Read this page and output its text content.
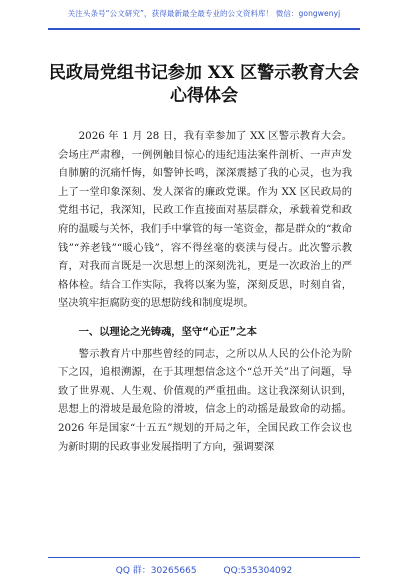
关注头条号“公文研究”，获得最新最全最专业的公文资料库！ 微信：gongwenyj
民政局党组书记参加 XX 区警示教育大会
心得体会

2026 年 1 月 28 日，我有幸参加了 XX 区警示教育大会。会场庄严肃穆，一例例触目惊心的违纪违法案件剖析、一声声发自肺腑的沉痛忏悔，如警钟长鸣，深深震撼了我的心灵，也为我上了一堂印象深刻、发人深省的廉政党课。作为 XX 区民政局的党组书记，我深知，民政工作直接面对基层群众，承载着党和政府的温暖与关怀，我们手中掌管的每一笔资金，都是群众的“救命钱”“养老钱”“暖心钱”，容不得丝毫的亵渎与侵占。此次警示教育，对我而言既是一次思想上的深刻洗礼，更是一次政治上的严格体检。结合工作实际，我将以案为鉴，深刻反思，时刻自省，坚决筑牢拒腐防变的思想防线和制度堤坝。

一、以理论之光铸魂，坚守“心正”之本

警示教育片中那些曾经的同志，之所以从人民的公仆沦为阶下之囚，追根溯源，在于其理想信念这个“总开关”出了问题，导致了世界观、人生观、价值观的严重扭曲。这让我深刻认识到，思想上的滑坡是最危险的滑坡，信念上的动摇是最致命的动摇。2026 年是国家“十五五”规划的开局之年，全国民政工作会议也为新时期的民政事业发展指明了方向，强调要深

QQ 群：30265665	QQ:535304092
